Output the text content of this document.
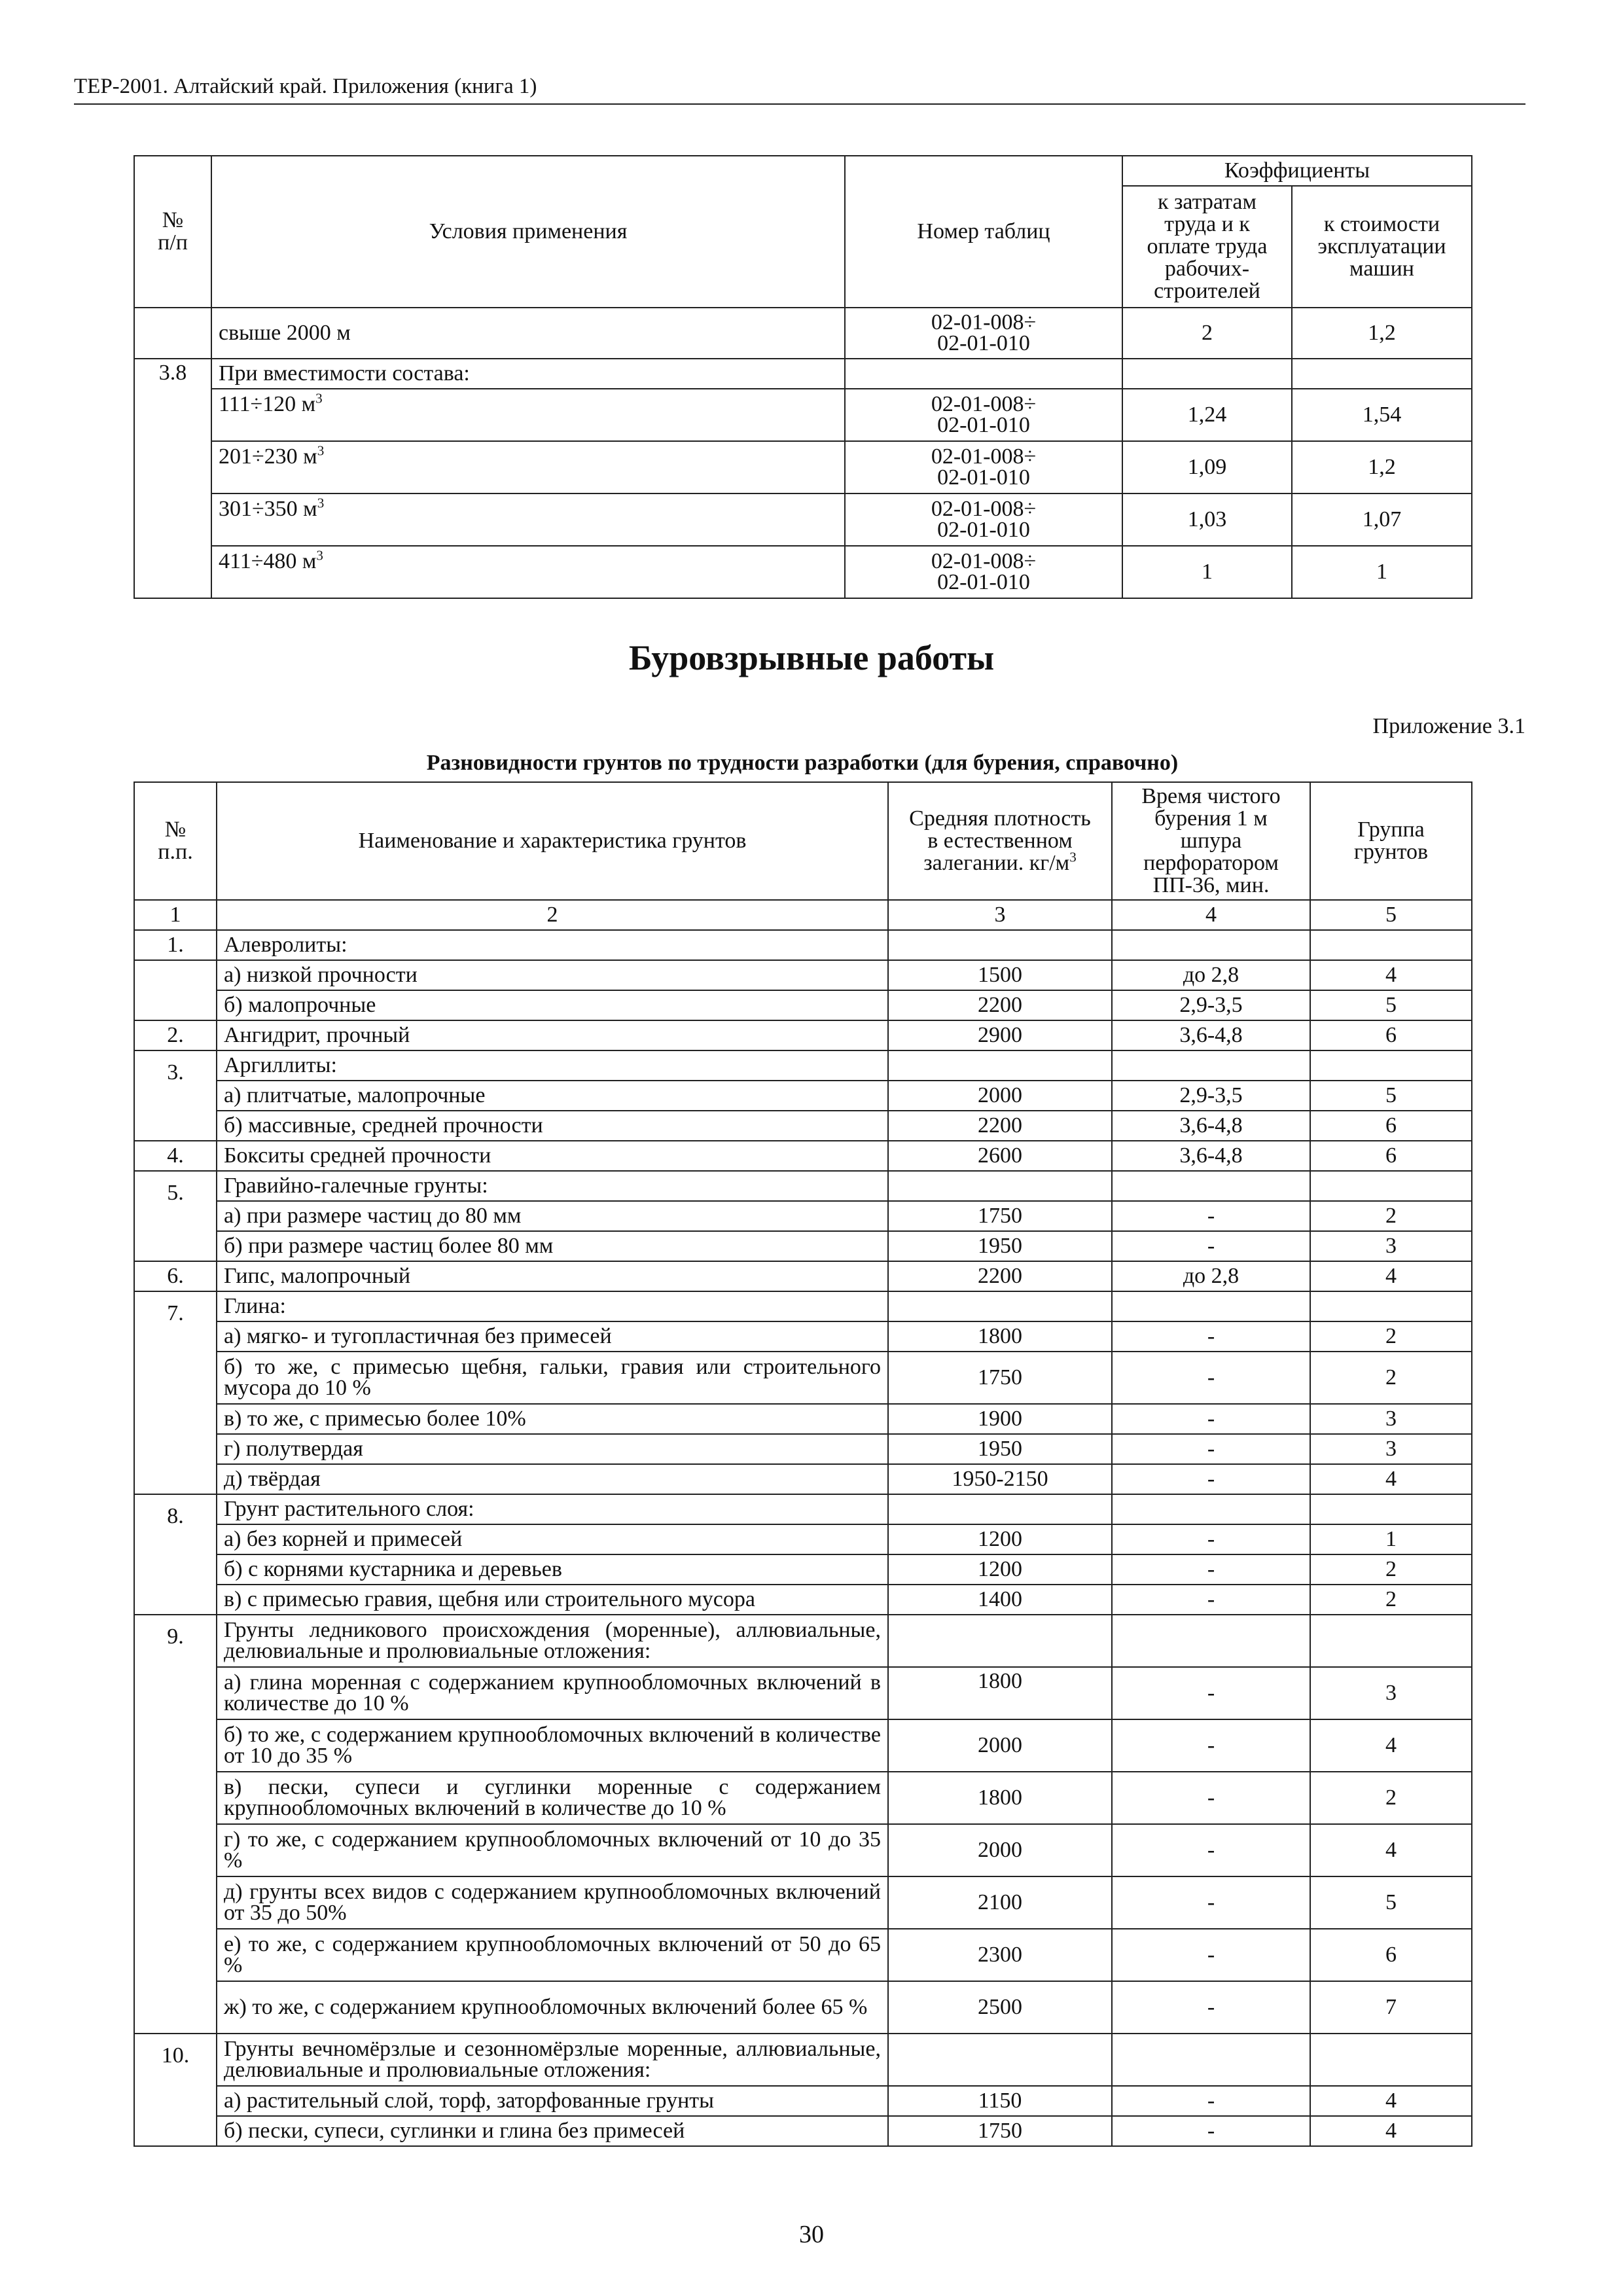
ТЕР-2001. Алтайский край. Приложения (книга 1)
№
п/п	Условия применения	Номер таблиц	Коэффициенты	
			к затратам
труда и к
оплате труда
рабочих-
строителей	к стоимости
эксплуатации
машин
	свыше 2000 м	02-01-008÷
02-01-010	2	1,2
3.8	При вместимости состава:			
	111÷120 $м^3$	02-01-008÷
02-01-010	1,24	1,54
	201÷230 $м^3$	02-01-008÷
02-01-010	1,09	1,2
	301÷350 $м^3$	02-01-008÷
02-01-010	1,03	1,07
	411÷480 $м^3$	02-01-008÷
02-01-010	1	1
Буровзрывные работы
Приложение 3.1
Разновидности грунтов по трудности разработки (для бурения, справочно)
№
п.п.	Наименование и характеристика грунтов	Средняя плотность
в естественном
залегании. $кг/м^3$	Время чистого
бурения 1 м
шпура
перфоратором
ПП-36, мин.	Группа
грунтов
1	2	3	4	5
1.	Алевролиты:			
	а) низкой прочности	1500	до 2,8	4
	б) малопрочные	2200	2,9-3,5	5
2.	Ангидрит, прочный	2900	3,6-4,8	6
3.	Аргиллиты:			
	а) плитчатые, малопрочные	2000	2,9-3,5	5
	б) массивные, средней прочности	2200	3,6-4,8	6
4.	Бокситы средней прочности	2600	3,6-4,8	6
5.	Гравийно-галечные грунты:			
	а) при размере частиц до 80 мм	1750	-	2
	б) при размере частиц более 80 мм	1950	-	3
6.	Гипс, малопрочный	2200	до 2,8	4
7.	Глина:			
	а) мягко- и тугопластичная без примесей	1800	-	2
	б) то же, с примесью щебня, гальки, гравия или строительного мусора до 10 %	1750	-	2
	в) то же, с примесью более 10%	1900	-	3
	г) полутвердая	1950	-	3
	д) твёрдая	1950-2150	-	4
8.	Грунт растительного слоя:			
	а) без корней и примесей	1200	-	1
	б) с корнями кустарника и деревьев	1200	-	2
	в) с примесью гравия, щебня или строительного мусора	1400	-	2
9.	Грунты ледникового происхождения (моренные), аллювиальные, делювиальные и пролювиальные отложения:			
	а) глина моренная с содержанием крупнообломочных включений в количестве до 10 %	1800	-	3
	б) то же, с содержанием крупнообломочных включений в количестве от 10 до 35 %	2000	-	4
	в) пески, супеси и суглинки моренные с содержанием крупнообломочных включений в количестве до 10 %	1800	-	2
	г) то же, с содержанием крупнообломочных включений от 10 до 35 %	2000	-	4
	д) грунты всех видов с содержанием крупнообломочных включений от 35 до 50%	2100	-	5
	е) то же, с содержанием крупнообломочных включений от 50 до 65 %	2300	-	6
	ж) то же, с содержанием крупнообломочных включений более 65 %	2500	-	7
10.	Грунты вечномёрзлые и сезонномёрзлые моренные, аллювиальные, делювиальные и пролювиальные отложения:			
	а) растительный слой, торф, заторфованные грунты	1150	-	4
	б) пески, супеси, суглинки и глина без примесей	1750	-	4
30
